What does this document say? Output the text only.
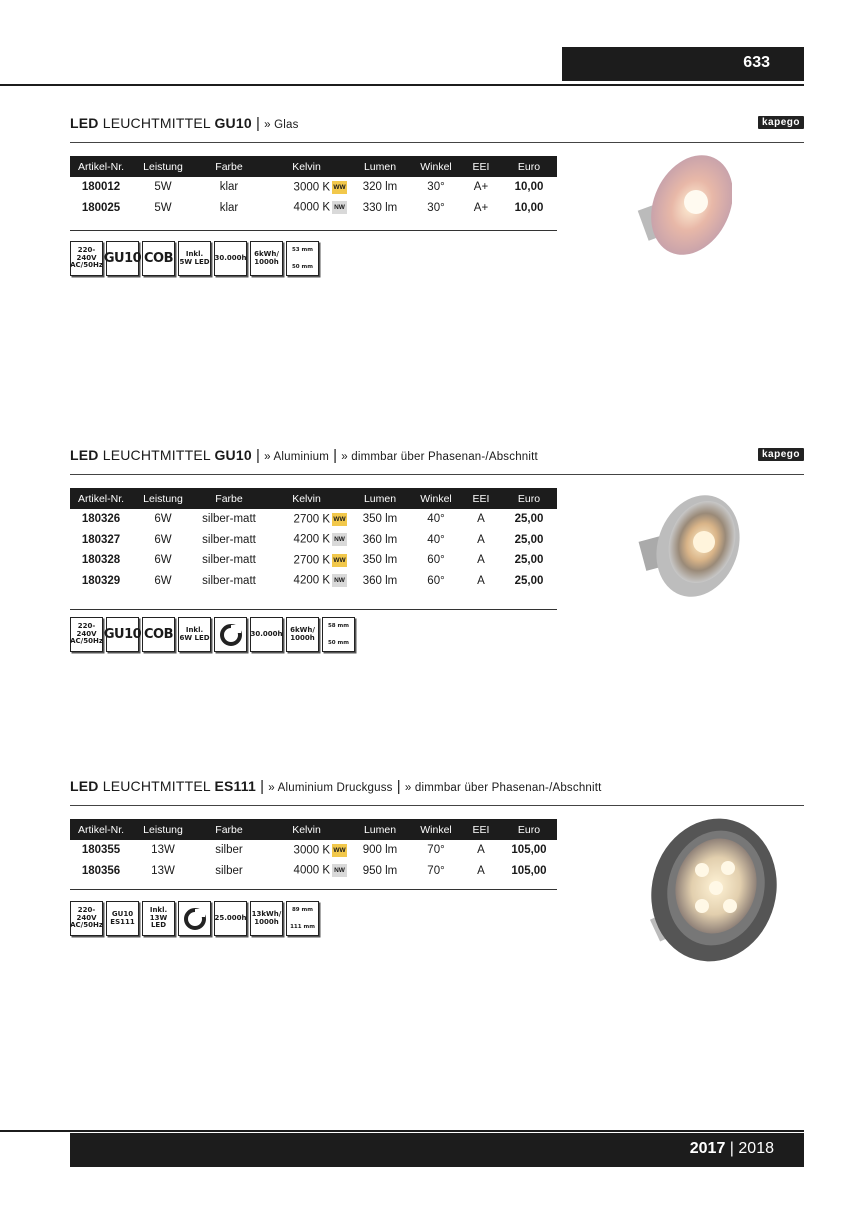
633
LED LEUCHTMITTEL GU10 | » Glas	kapego
Artikel-Nr.	Leistung	Farbe	Kelvin	Lumen	Winkel	EEI	Euro
180012	5W	klar	3000 K WW	320 lm	30°	A+	10,00
180025	5W	klar	4000 K NW	330 lm	30°	A+	10,00
220-240V AC/50Hz GU10 COB	Inkl. 5W LED 30.000h	6kWh/ 1000h
53 mm
50 mm
LED LEUCHTMITTEL GU10 | » Aluminium | » dimmbar über Phasenan-/Abschnitt	kapego
Artikel-Nr.	Leistung	Farbe	Kelvin	Lumen	Winkel	EEI	Euro
180326	6W	silber-matt	2700 K WW	350 lm	40°	A	25,00
180327	6W	silber-matt	4200 K NW	360 lm	40°	A	25,00
180328	6W	silber-matt	2700 K WW	350 lm	60°	A	25,00
180329	6W	silber-matt	4200 K NW	360 lm	60°	A	25,00
220-240V AC/50Hz GU10 COB	Inkl. 6W LED	30.000h	6kWh/ 1000h
58 mm
50 mm
LED LEUCHTMITTEL ES111 | » Aluminium Druckguss | » dimmbar über Phasenan-/Abschnitt
Artikel-Nr.	Leistung	Farbe	Kelvin	Lumen	Winkel	EEI	Euro
180355	13W	silber	3000 K WW	900 lm	70°	A	105,00
180356	13W	silber	4000 K NW	950 lm	70°	A	105,00
220-240V AC/50Hz
GU10 ES111
Inkl. 13W LED
25.000h 13kWh/ 1000h
89 mm
111 mm
2017 | 2018
